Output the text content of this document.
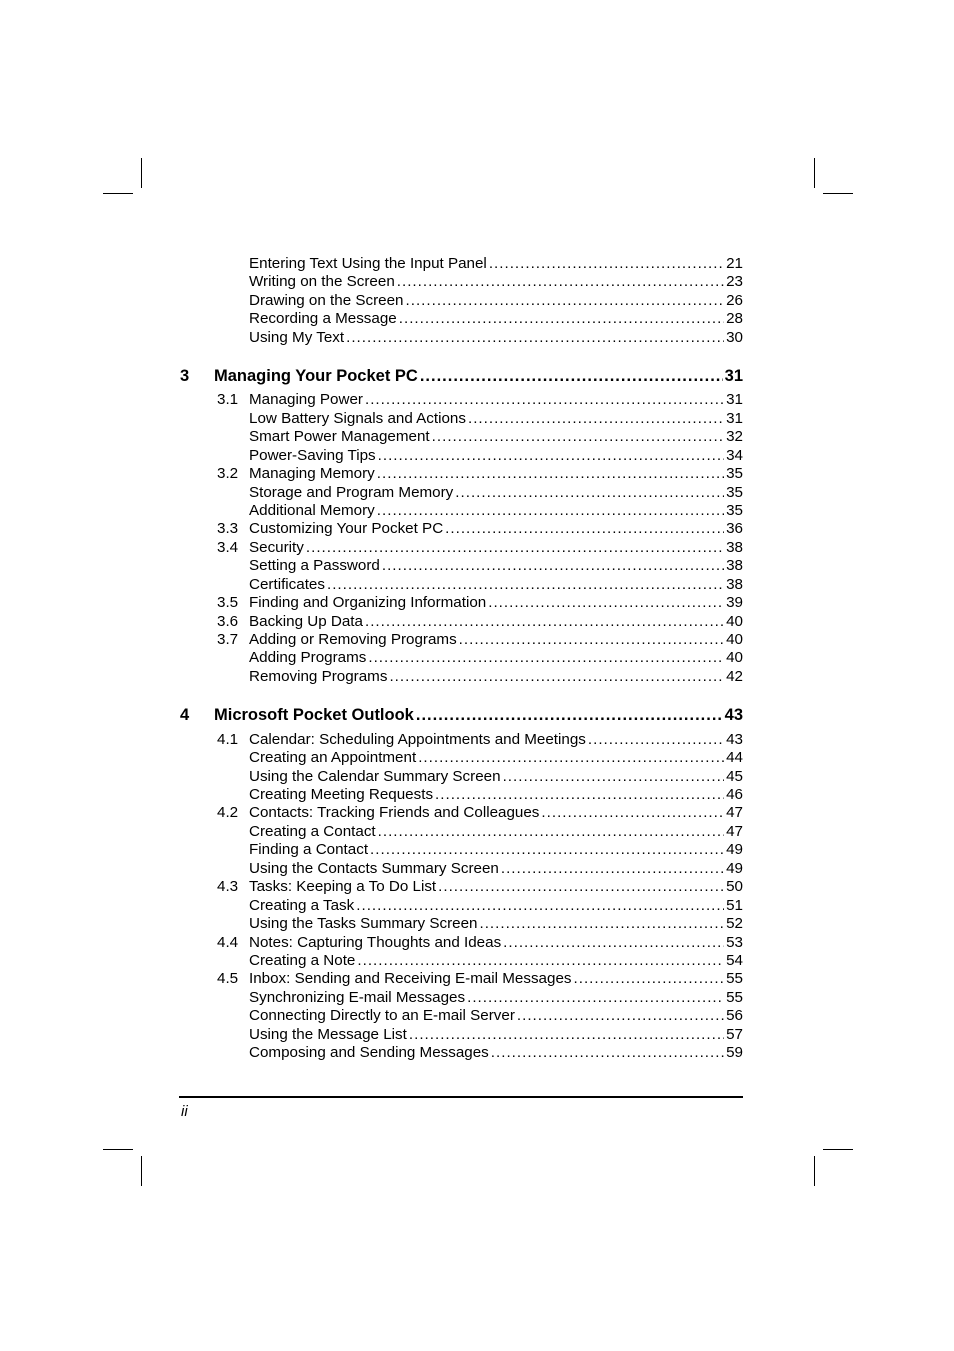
Entering Text Using the Input Panel .....	21
Writing on the Screen .....	23
Drawing on the Screen .....	26
Recording a Message .....	28
Using My Text .....	30
3	Managing Your Pocket PC .....	31
3.1 Managing Power .....	31
Low Battery Signals and Actions .....	31
Smart Power Management .....	32
Power-Saving Tips .....	34
3.2 Managing Memory .....	35
Storage and Program Memory .....	35
Additional Memory .....	35
3.3 Customizing Your Pocket PC .....	36
3.4 Security .....	38
Setting a Password .....	38
Certificates .....	38
3.5 Finding and Organizing Information .....	39
3.6 Backing Up Data .....	40
3.7 Adding or Removing Programs .....	40
Adding Programs .....	40
Removing Programs .....	42
4	Microsoft Pocket Outlook .....	43
4.1 Calendar: Scheduling Appointments and Meetings .....	43
Creating an Appointment .....	44
Using the Calendar Summary Screen .....	45
Creating Meeting Requests .....	46
4.2 Contacts: Tracking Friends and Colleagues .....	47
Creating a Contact .....	47
Finding a Contact .....	49
Using the Contacts Summary Screen .....	49
4.3 Tasks: Keeping a To Do List .....	50
Creating a Task .....	51
Using the Tasks Summary Screen .....	52
4.4 Notes: Capturing Thoughts and Ideas .....	53
Creating a Note .....	54
4.5 Inbox: Sending and Receiving E-mail Messages .....	55
Synchronizing E-mail Messages .....	55
Connecting Directly to an E-mail Server .....	56
Using the Message List .....	57
Composing and Sending Messages .....	59
ii
